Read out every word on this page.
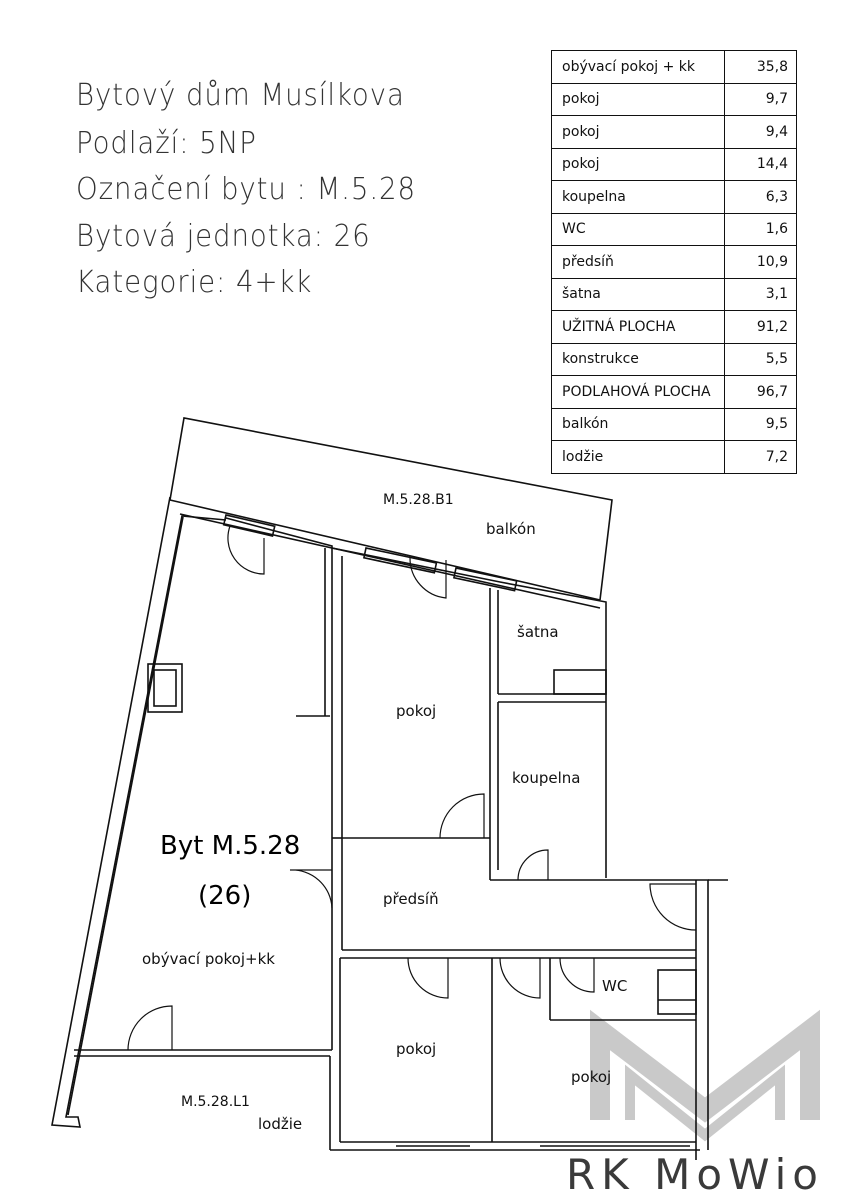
Bytový dům Musílkova
Podlaží: 5NP
Označení bytu : M.5.28
Bytová jednotka: 26
Kategorie: 4+kk
obývací pokoj + kk	35,8
pokoj	9,7
pokoj	9,4
pokoj	14,4
koupelna	6,3
WC	1,6
předsíň	10,9
šatna	3,1
UŽITNÁ PLOCHA	91,2
konstrukce	5,5
PODLAHOVÁ PLOCHA	96,7
balkón	9,5
lodžie	7,2
M.5.28.B1
balkón
šatna
pokoj
koupelna
Byt M.5.28
(26)	předsíň
obývací pokoj+kk
WC
pokoj
pokoj
M.5.28.L1
lodžie
RK MoWio
